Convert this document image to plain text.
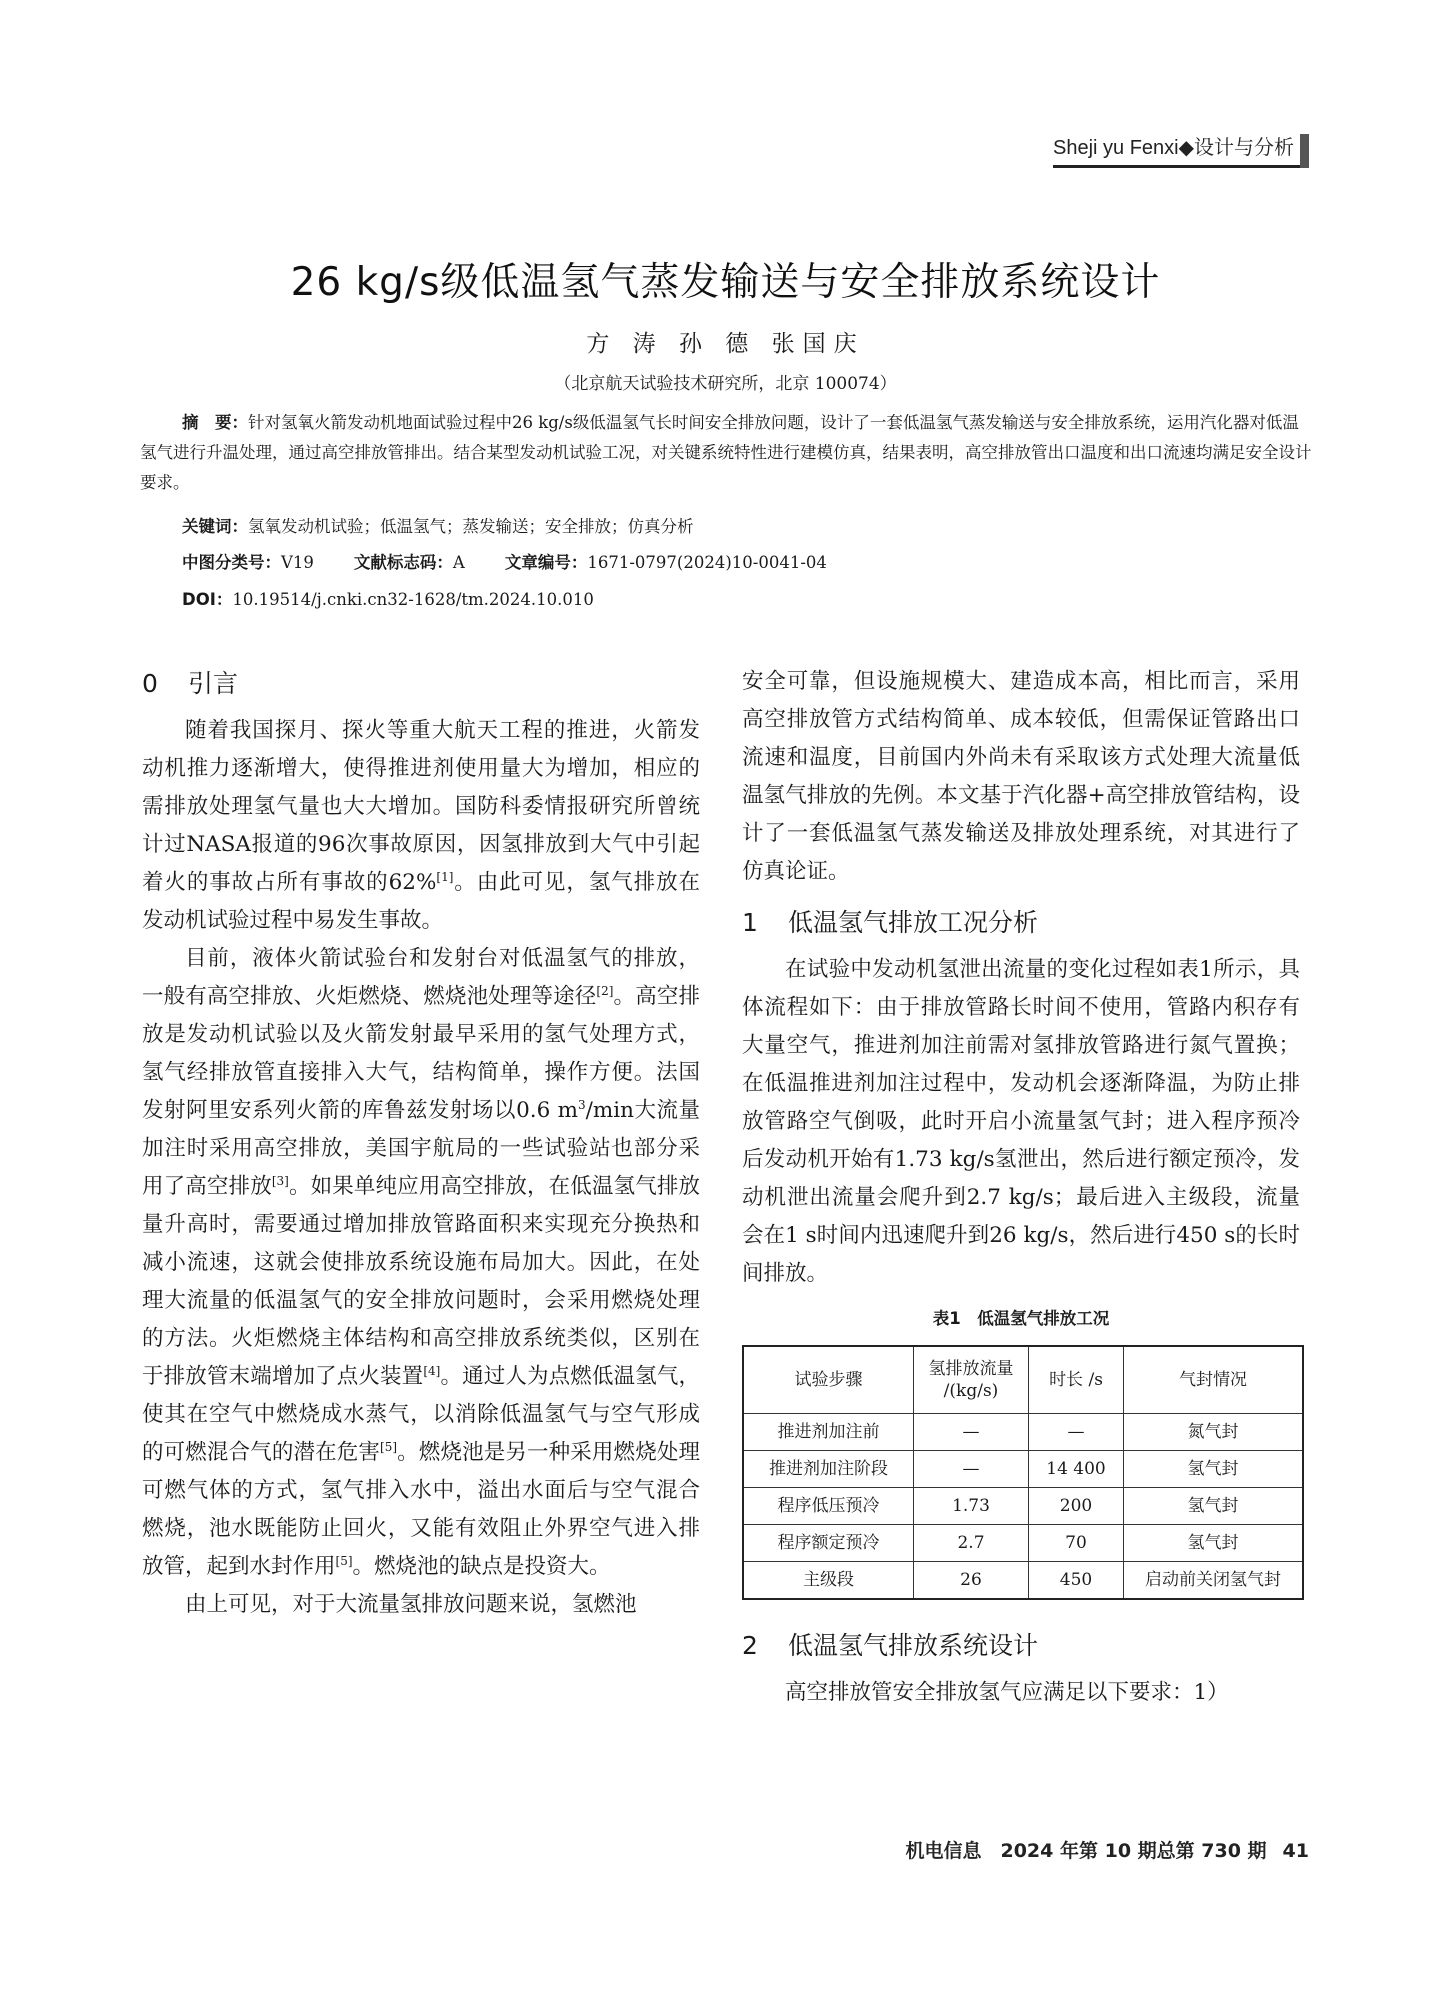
Sheji yu Fenxi◆设计与分析
26 kg/s级低温氢气蒸发输送与安全排放系统设计
方 涛 孙 德 张国庆
（北京航天试验技术研究所，北京 100074）
摘　要：针对氢氧火箭发动机地面试验过程中26 kg/s级低温氢气长时间安全排放问题，设计了一套低温氢气蒸发输送与安全排放系统，运用汽化器对低温氢气进行升温处理，通过高空排放管排出。结合某型发动机试验工况，对关键系统特性进行建模仿真，结果表明，高空排放管出口温度和出口流速均满足安全设计要求。
关键词：氢氧发动机试验；低温氢气；蒸发输送；安全排放；仿真分析
中图分类号：V19 文献标志码：A 文章编号：1671-0797(2024)10-0041-04
DOI：10.19514/j.cnki.cn32-1628/tm.2024.10.010
0 引言

随着我国探月、探火等重大航天工程的推进，火箭发动机推力逐渐增大，使得推进剂使用量大为增加，相应的需排放处理氢气量也大大增加。国防科委情报研究所曾统计过NASA报道的96次事故原因，因氢排放到大气中引起着火的事故占所有事故的62%[1]。由此可见，氢气排放在发动机试验过程中易发生事故。

目前，液体火箭试验台和发射台对低温氢气的排放，一般有高空排放、火炬燃烧、燃烧池处理等途径[2]。高空排放是发动机试验以及火箭发射最早采用的氢气处理方式，氢气经排放管直接排入大气，结构简单，操作方便。法国发射阿里安系列火箭的库鲁兹发射场以0.6 $m^3/\min$大流量加注时采用高空排放，美国宇航局的一些试验站也部分采用了高空排放[3]。如果单纯应用高空排放，在低温氢气排放量升高时，需要通过增加排放管路面积来实现充分换热和减小流速，这就会使排放系统设施布局加大。因此，在处理大流量的低温氢气的安全排放问题时，会采用燃烧处理的方法。火炬燃烧主体结构和高空排放系统类似，区别在于排放管末端增加了点火装置[4]。通过人为点燃低温氢气，使其在空气中燃烧成水蒸气，以消除低温氢气与空气形成的可燃混合气的潜在危害[5]。燃烧池是另一种采用燃烧处理可燃气体的方式，氢气排入水中，溢出水面后与空气混合燃烧，池水既能防止回火，又能有效阻止外界空气进入排放管，起到水封作用[5]。燃烧池的缺点是投资大。

由上可见，对于大流量氢排放问题来说，氢燃池

安全可靠，但设施规模大、建造成本高，相比而言，采用高空排放管方式结构简单、成本较低，但需保证管路出口流速和温度，目前国内外尚未有采取该方式处理大流量低温氢气排放的先例。本文基于汽化器+高空排放管结构，设计了一套低温氢气蒸发输送及排放处理系统，对其进行了仿真论证。

1 低温氢气排放工况分析

在试验中发动机氢泄出流量的变化过程如表1所示，具体流程如下：由于排放管路长时间不使用，管路内积存有大量空气，推进剂加注前需对氢排放管路进行氮气置换；在低温推进剂加注过程中，发动机会逐渐降温，为防止排放管路空气倒吸，此时开启小流量氢气封；进入程序预冷后发动机开始有1.73 kg/s氢泄出，然后进行额定预冷，发动机泄出流量会爬升到2.7 kg/s；最后进入主级段，流量会在1 s时间内迅速爬升到26 kg/s，然后进行450 s的长时间排放。

表1　低温氢气排放工况
试验步骤	氢排放流量 /(kg/s)	时长 /s	气封情况
推进剂加注前	—	—	氮气封
推进剂加注阶段	—	14 400	氢气封
程序低压预冷	1.73	200	氢气封
程序额定预冷	2.7	70	氢气封
主级段	26	450	启动前关闭氢气封
2 低温氢气排放系统设计

高空排放管安全排放氢气应满足以下要求：1）

机电信息　2024 年第 10 期总第 730 期 41
